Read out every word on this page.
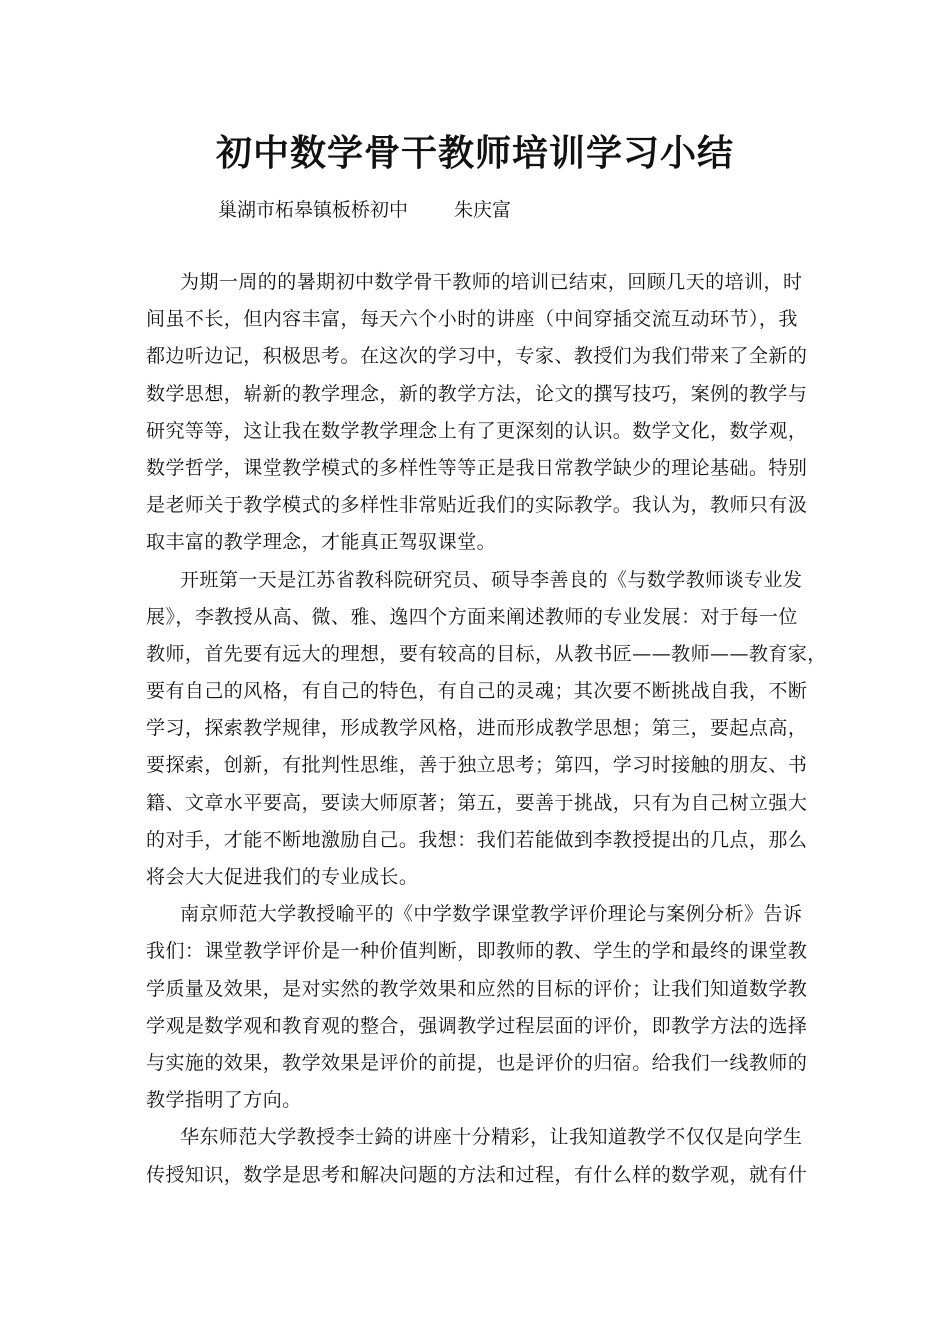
初中数学骨干教师培训学习小结
巢湖市柘皋镇板桥初中 朱庆富
为期一周的的暑期初中数学骨干教师的培训已结束，回顾几天的培训，时
间虽不长，但内容丰富，每天六个小时的讲座（中间穿插交流互动环节），我
都边听边记，积极思考。在这次的学习中，专家、教授们为我们带来了全新的
数学思想，崭新的教学理念，新的教学方法，论文的撰写技巧，案例的教学与
研究等等，这让我在数学教学理念上有了更深刻的认识。数学文化，数学观，
数学哲学，课堂教学模式的多样性等等正是我日常教学缺少的理论基础。特别
是老师关于教学模式的多样性非常贴近我们的实际教学。我认为，教师只有汲
取丰富的教学理念，才能真正驾驭课堂。
开班第一天是江苏省教科院研究员、硕导李善良的《与数学教师谈专业发
展》，李教授从高、微、雅、逸四个方面来阐述教师的专业发展：对于每一位
教师，首先要有远大的理想，要有较高的目标，从教书匠——教师——教育家，
要有自己的风格，有自己的特色，有自己的灵魂；其次要不断挑战自我，不断
学习，探索教学规律，形成教学风格，进而形成教学思想；第三，要起点高，
要探索，创新，有批判性思维，善于独立思考；第四，学习时接触的朋友、书
籍、文章水平要高，要读大师原著；第五，要善于挑战，只有为自己树立强大
的对手，才能不断地激励自己。我想：我们若能做到李教授提出的几点，那么
将会大大促进我们的专业成长。
南京师范大学教授喻平的《中学数学课堂教学评价理论与案例分析》告诉
我们：课堂教学评价是一种价值判断，即教师的教、学生的学和最终的课堂教
学质量及效果，是对实然的教学效果和应然的目标的评价；让我们知道数学教
学观是数学观和教育观的整合，强调教学过程层面的评价，即教学方法的选择
与实施的效果，教学效果是评价的前提，也是评价的归宿。给我们一线教师的
教学指明了方向。
华东师范大学教授李士錡的讲座十分精彩，让我知道教学不仅仅是向学生
传授知识，数学是思考和解决问题的方法和过程，有什么样的数学观，就有什
